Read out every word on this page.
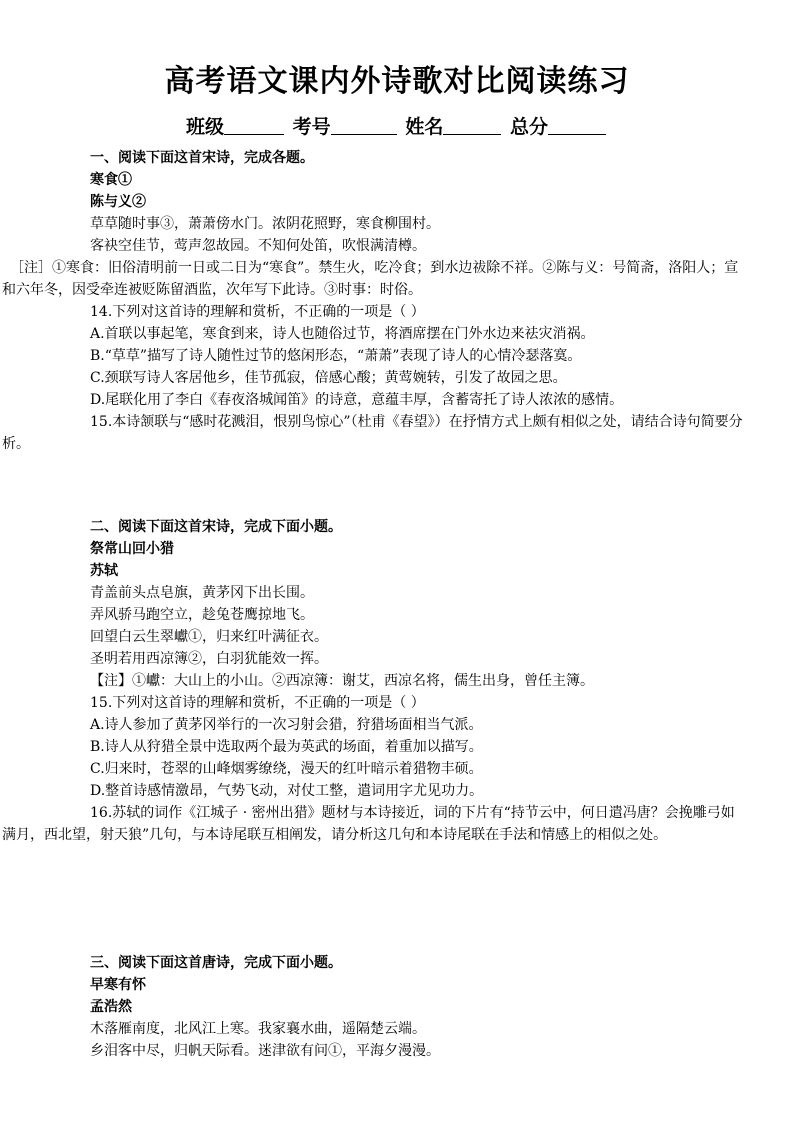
高考语文课内外诗歌对比阅读练习
班级	考号	姓名	总分

一、阅读下面这首宋诗，完成各题。

寒食①

陈与义②

草草随时事③，萧萧傍水门。浓阴花照野，寒食柳围村。

客袂空佳节，莺声忽故园。不知何处笛，吹恨满清樽。

［注］①寒食：旧俗清明前一日或二日为“寒食”。禁生火，吃冷食；到水边祓除不祥。②陈与义：号简斋，洛阳人；宣和六年冬，因受牵连被贬陈留酒监，次年写下此诗。③时事：时俗。

14.下列对这首诗的理解和赏析，不正确的一项是（ ）

A.首联以事起笔，寒食到来，诗人也随俗过节，将酒席摆在门外水边来祛灾消祸。

B.“草草”描写了诗人随性过节的悠闲形态，“萧萧”表现了诗人的心情冷瑟落寞。

C.颈联写诗人客居他乡，佳节孤寂，倍感心酸；黄莺婉转，引发了故园之思。

D.尾联化用了李白《春夜洛城闻笛》的诗意，意蕴丰厚，含蓄寄托了诗人浓浓的感情。

15.本诗颔联与“感时花溅泪，恨别鸟惊心”（杜甫《春望》）在抒情方式上颇有相似之处，请结合诗句简要分析。

二、阅读下面这首宋诗，完成下面小题。

祭常山回小猎

苏轼

青盖前头点皂旗，黄茅冈下出长围。

弄风骄马跑空立，趁兔苍鹰掠地飞。

回望白云生翠巘①，归来红叶满征衣。

圣明若用西凉簿②，白羽犹能效一挥。

【注】①巘：大山上的小山。②西凉簿：谢艾，西凉名将，儒生出身，曾任主簿。

15.下列对这首诗的理解和赏析，不正确的一项是（ ）

A.诗人参加了黄茅冈举行的一次习射会猎，狩猎场面相当气派。

B.诗人从狩猎全景中选取两个最为英武的场面，着重加以描写。

C.归来时，苍翠的山峰烟雾缭绕，漫天的红叶暗示着猎物丰硕。

D.整首诗感情激昂，气势飞动，对仗工整，遣词用字尤见功力。

16.苏轼的词作《江城子 · 密州出猎》题材与本诗接近，词的下片有“持节云中，何日遣冯唐？会挽雕弓如满月，西北望，射天狼”几句，与本诗尾联互相阐发，请分析这几句和本诗尾联在手法和情感上的相似之处。

三、阅读下面这首唐诗，完成下面小题。

早寒有怀

孟浩然

木落雁南度，北风江上寒。我家襄水曲，遥隔楚云端。

乡泪客中尽，归帆天际看。迷津欲有问①，平海夕漫漫。
